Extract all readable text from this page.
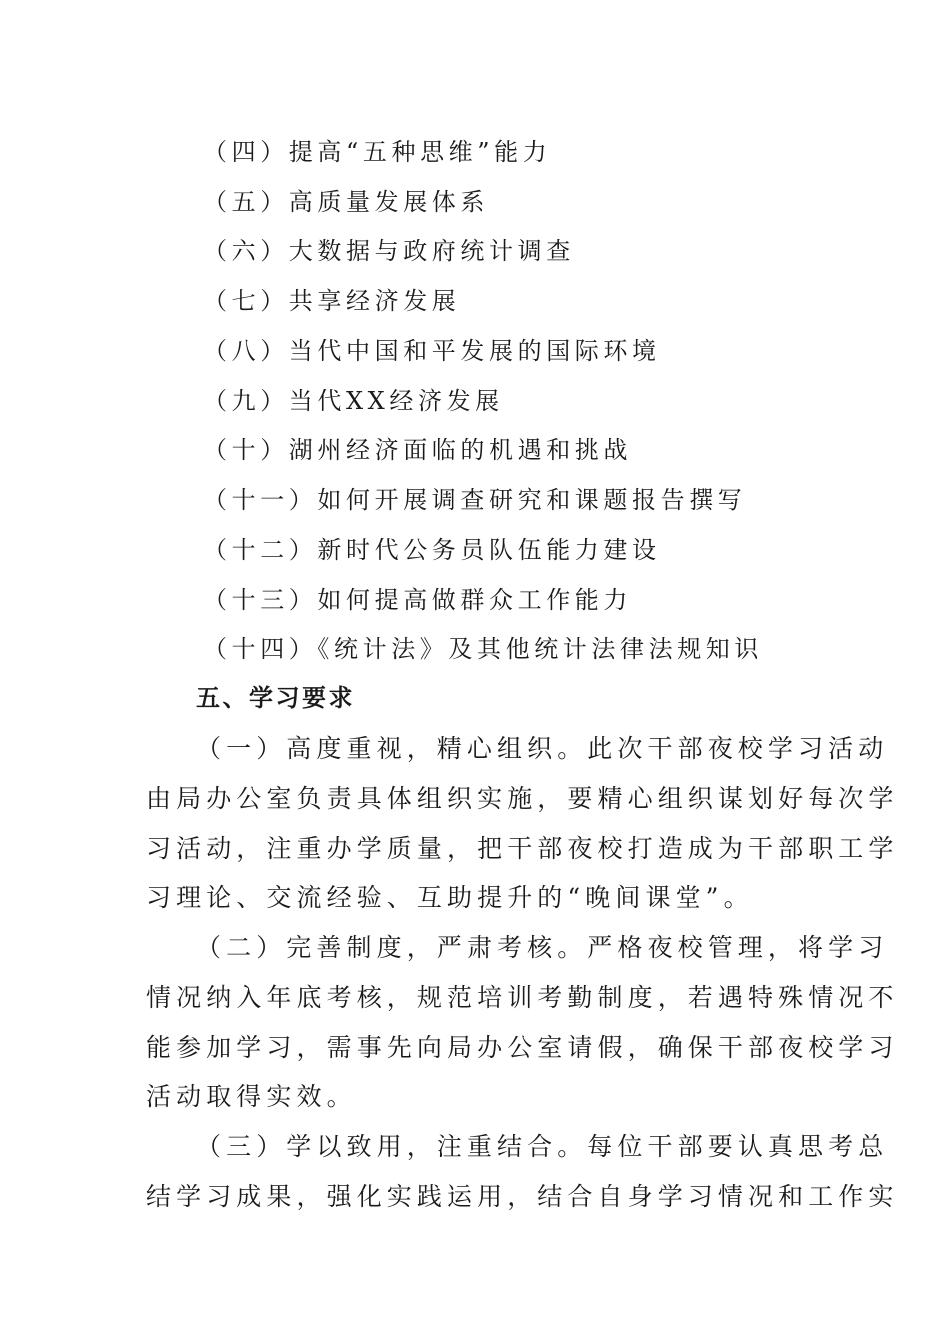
（四）提高“五种思维”能力
（五）高质量发展体系
（六）大数据与政府统计调查
（七）共享经济发展
（八）当代中国和平发展的国际环境
（九）当代XX经济发展
（十）湖州经济面临的机遇和挑战
（十一）如何开展调查研究和课题报告撰写
（十二）新时代公务员队伍能力建设
（十三）如何提高做群众工作能力
（十四）《统计法》及其他统计法律法规知识
五、学习要求
（一）高度重视，精心组织。此次干部夜校学习活动
由局办公室负责具体组织实施，要精心组织谋划好每次学
习活动，注重办学质量，把干部夜校打造成为干部职工学
习理论、交流经验、互助提升的“晚间课堂”。
（二）完善制度，严肃考核。严格夜校管理，将学习
情况纳入年底考核，规范培训考勤制度，若遇特殊情况不
能参加学习，需事先向局办公室请假，确保干部夜校学习
活动取得实效。
（三）学以致用，注重结合。每位干部要认真思考总
结学习成果，强化实践运用，结合自身学习情况和工作实
